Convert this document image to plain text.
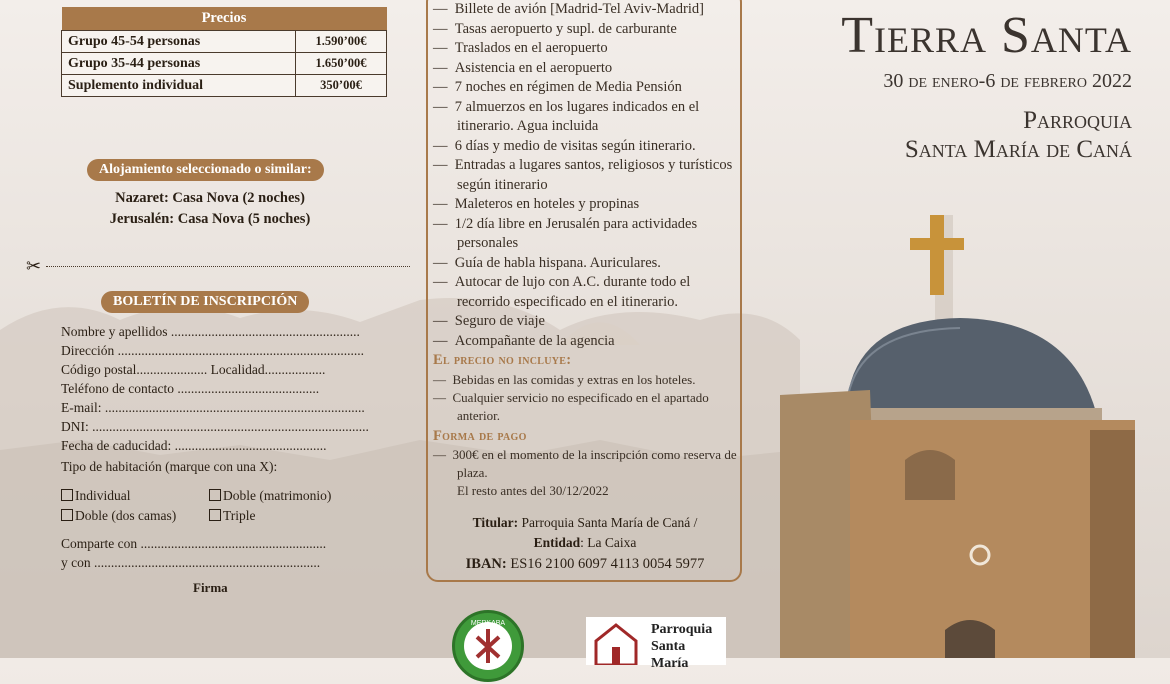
Precios	
Grupo 45-54 personas	1.590’00€
Grupo 35-44 personas	1.650’00€
Suplemento individual	350’00€
Alojamiento seleccionado o similar:
Nazaret: Casa Nova (2 noches)
Jerusalén: Casa Nova (5 noches)
✂
BOLETÍN DE INSCRIPCIÓN
Nombre y apellidos ........................................................
Dirección .........................................................................
Código postal..................... Localidad..................
Teléfono de contacto ..........................................
E-mail: .............................................................................
DNI: ..................................................................................
Fecha de caducidad: .............................................
Tipo de habitación (marque con una X):
Individual	Doble (matrimonio)
Doble (dos camas)	Triple
Comparte con .......................................................
y con ...................................................................
Firma
— Billete de avión [Madrid-Tel Aviv-Madrid]
— Tasas aeropuerto y supl. de carburante
— Traslados en el aeropuerto
— Asistencia en el aeropuerto
— 7 noches en régimen de Media Pensión
— 7 almuerzos en los lugares indicados en el itinerario. Agua incluida
— 6 días y medio de visitas según itinerario.
— Entradas a lugares santos, religiosos y turísticos según itinerario
— Maleteros en hoteles y propinas
— 1/2 día libre en Jerusalén para actividades personales
— Guía de habla hispana. Auriculares.
— Autocar de lujo con A.C. durante todo el recorrido especificado en el itinerario.
— Seguro de viaje
— Acompañante de la agencia
El precio no incluye:
—  Bebidas en las comidas y extras en los hoteles.
—  Cualquier servicio no especificado en el apartado anterior.
Forma de pago
—  300€ en el momento de la inscripción como reserva de plaza.
El resto antes del 30/12/2022
Titular: Parroquia Santa María de Caná /
Entidad: La Caixa
IBAN: ES16 2100 6097 4113 0054 5977
MERKABA	Parroquia
Santa María
Tierra Santa
30 de enero-6 de febrero 2022
Parroquia
Santa María de Caná
